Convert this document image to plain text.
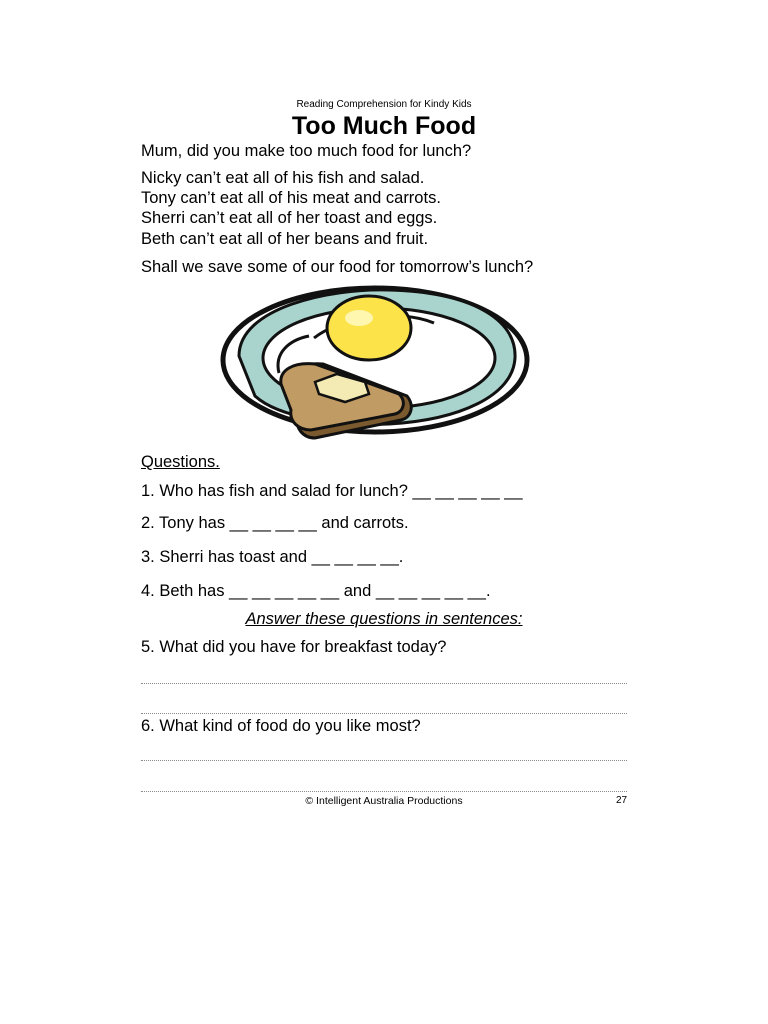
Reading Comprehension for Kindy Kids
Too Much Food
Mum, did you make too much food for lunch?
Nicky can’t eat all of his fish and salad.
Tony can’t eat all of his meat and carrots.
Sherri can’t eat all of her toast and eggs.
Beth can’t eat all of her beans and fruit.
Shall we save some of our food for tomorrow’s lunch?
Questions.
1. Who has fish and salad for lunch? __ __ __ __ __
2. Tony has __ __ __ __ and carrots.
3. Sherri has toast and __ __ __ __.
4. Beth has __ __ __ __ __ and __ __ __ __ __.
Answer these questions in sentences:
5. What did you have for breakfast today?
6. What kind of food do you like most?
© Intelligent Australia Productions	27
